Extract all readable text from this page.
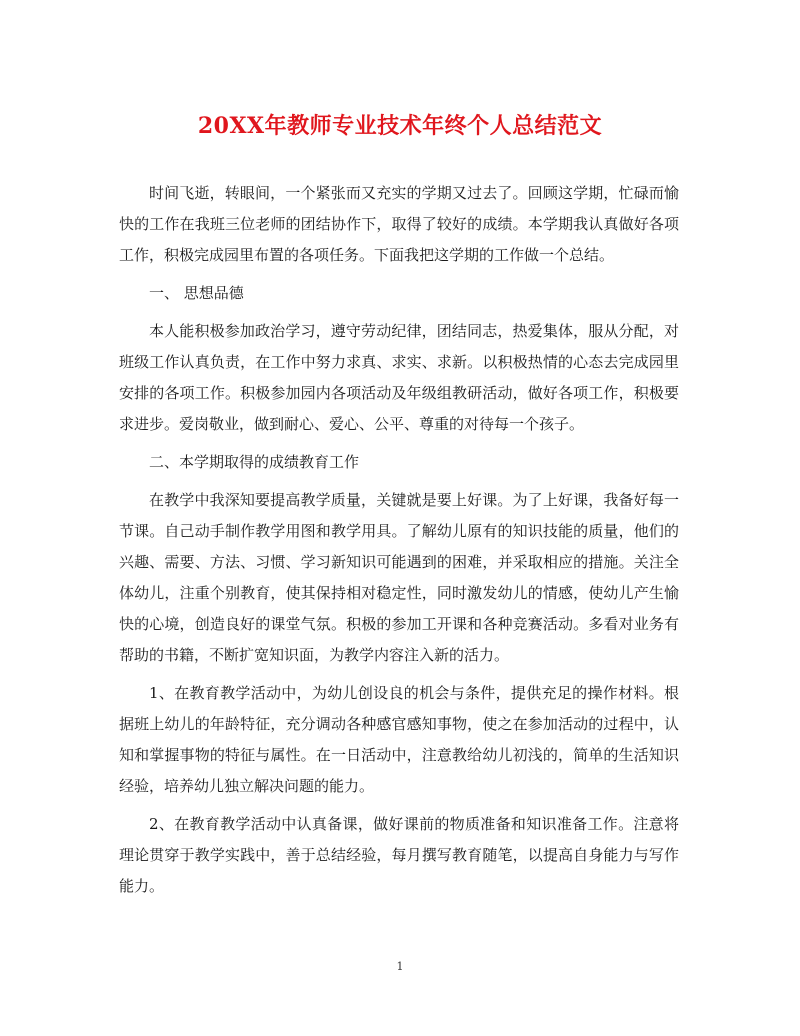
20XX年教师专业技术年终个人总结范文

时间飞逝，转眼间，一个紧张而又充实的学期又过去了。回顾这学期，忙碌而愉快的工作在我班三位老师的团结协作下，取得了较好的成绩。本学期我认真做好各项工作，积极完成园里布置的各项任务。下面我把这学期的工作做一个总结。

一、 思想品德

本人能积极参加政治学习，遵守劳动纪律，团结同志，热爱集体，服从分配，对班级工作认真负责，在工作中努力求真、求实、求新。以积极热情的心态去完成园里安排的各项工作。积极参加园内各项活动及年级组教研活动，做好各项工作，积极要求进步。爱岗敬业，做到耐心、爱心、公平、尊重的对待每一个孩子。

二、本学期取得的成绩教育工作

在教学中我深知要提高教学质量，关键就是要上好课。为了上好课，我备好每一节课。自己动手制作教学用图和教学用具。了解幼儿原有的知识技能的质量，他们的兴趣、需要、方法、习惯、学习新知识可能遇到的困难，并采取相应的措施。关注全体幼儿，注重个别教育，使其保持相对稳定性，同时激发幼儿的情感，使幼儿产生愉快的心境，创造良好的课堂气氛。积极的参加工开课和各种竞赛活动。多看对业务有帮助的书籍，不断扩宽知识面，为教学内容注入新的活力。

1、在教育教学活动中，为幼儿创设良的机会与条件，提供充足的操作材料。根据班上幼儿的年龄特征，充分调动各种感官感知事物，使之在参加活动的过程中，认知和掌握事物的特征与属性。在一日活动中，注意教给幼儿初浅的，简单的生活知识经验，培养幼儿独立解决问题的能力。

2、在教育教学活动中认真备课，做好课前的物质准备和知识准备工作。注意将理论贯穿于教学实践中，善于总结经验，每月撰写教育随笔，以提高自身能力与写作能力。

1
